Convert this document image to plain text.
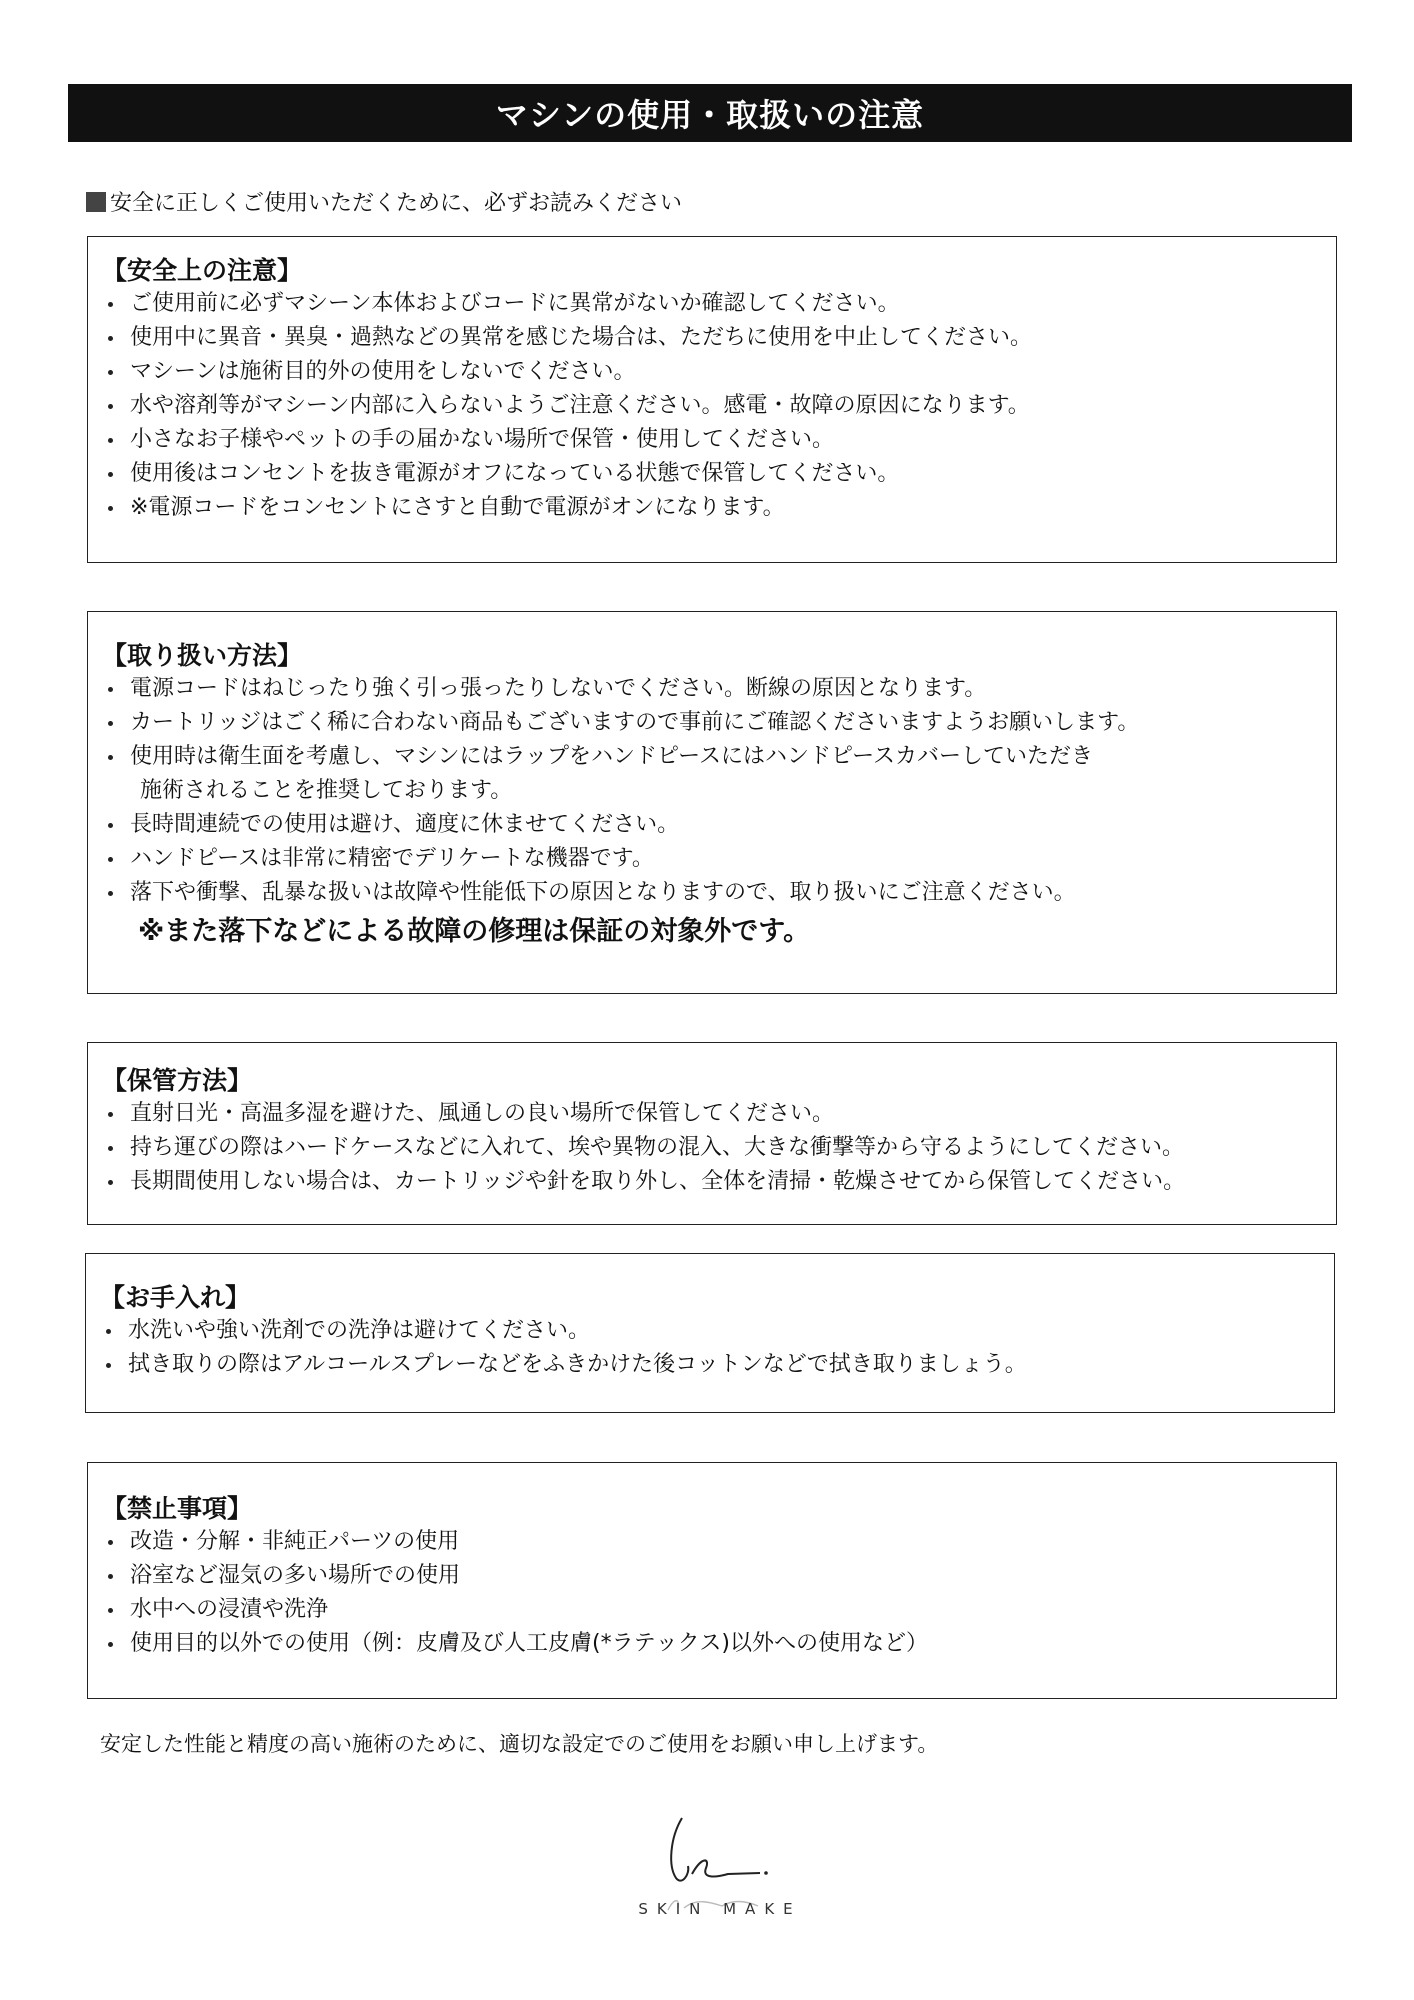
マシンの使用・取扱いの注意
安全に正しくご使用いただくために、必ずお読みください
【安全上の注意】
ご使用前に必ずマシーン本体およびコードに異常がないか確認してください。
使用中に異音・異臭・過熱などの異常を感じた場合は、ただちに使用を中止してください。
マシーンは施術目的外の使用をしないでください。
水や溶剤等がマシーン内部に入らないようご注意ください。感電・故障の原因になります。
小さなお子様やペットの手の届かない場所で保管・使用してください。
使用後はコンセントを抜き電源がオフになっている状態で保管してください。
※電源コードをコンセントにさすと自動で電源がオンになります。
【取り扱い方法】
電源コードはねじったり強く引っ張ったりしないでください。断線の原因となります。
カートリッジはごく稀に合わない商品もございますので事前にご確認くださいますようお願いします。
使用時は衛生面を考慮し、マシンにはラップをハンドピースにはハンドピースカバーしていただき
施術されることを推奨しております。
長時間連続での使用は避け、適度に休ませてください。
ハンドピースは非常に精密でデリケートな機器です。
落下や衝撃、乱暴な扱いは故障や性能低下の原因となりますので、取り扱いにご注意ください。
※また落下などによる故障の修理は保証の対象外です。
【保管方法】
直射日光・高温多湿を避けた、風通しの良い場所で保管してください。
持ち運びの際はハードケースなどに入れて、埃や異物の混入、大きな衝撃等から守るようにしてください。
長期間使用しない場合は、カートリッジや針を取り外し、全体を清掃・乾燥させてから保管してください。
【お手入れ】
水洗いや強い洗剤での洗浄は避けてください。
拭き取りの際はアルコールスプレーなどをふきかけた後コットンなどで拭き取りましょう。
【禁止事項】
改造・分解・非純正パーツの使用
浴室など湿気の多い場所での使用
水中への浸漬や洗浄
使用目的以外での使用（例：皮膚及び人工皮膚(*ラテックス)以外への使用など）
安定した性能と精度の高い施術のために、適切な設定でのご使用をお願い申し上げます。
SKIN MAKE
